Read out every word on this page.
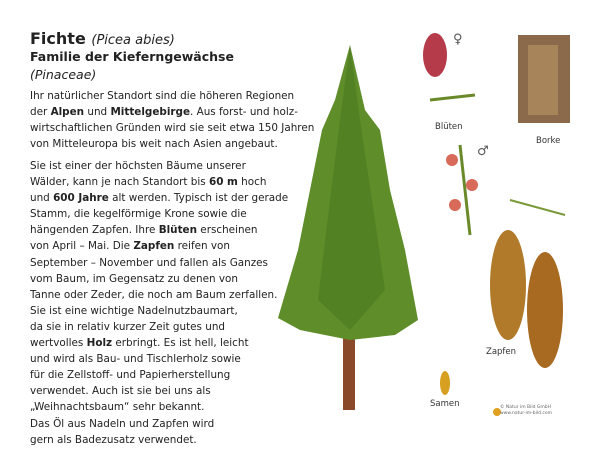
Fichte (Picea abies)
Familie der Kieferngewächse
(Pinaceae)
Ihr natürlicher Standort sind die höheren Regionen
der Alpen und Mittelgebirge. Aus forst- und holz-
wirtschaftlichen Gründen wird sie seit etwa 150 Jahren
von Mitteleuropa bis weit nach Asien angebaut.
Sie ist einer der höchsten Bäume unserer
Wälder, kann je nach Standort bis 60 m hoch
und 600 Jahre alt werden. Typisch ist der gerade
Stamm, die kegelförmige Krone sowie die
hängenden Zapfen. Ihre Blüten erscheinen
von April – Mai. Die Zapfen reifen von
September – November und fallen als Ganzes
vom Baum, im Gegensatz zu denen von
Tanne oder Zeder, die noch am Baum zerfallen.
Sie ist eine wichtige Nadelnutzbaumart,
da sie in relativ kurzer Zeit gutes und
wertvolles Holz erbringt. Es ist hell, leicht
und wird als Bau- und Tischlerholz sowie
für die Zellstoff- und Papierherstellung
verwendet. Auch ist sie bei uns als
„Weihnachtsbaum“ sehr bekannt.
Das Öl aus Nadeln und Zapfen wird
gern als Badezusatz verwendet.
♀
Blüten
Borke
♂
Zapfen
Samen	© Natur im Bild GmbH
www.natur-im-bild.com
